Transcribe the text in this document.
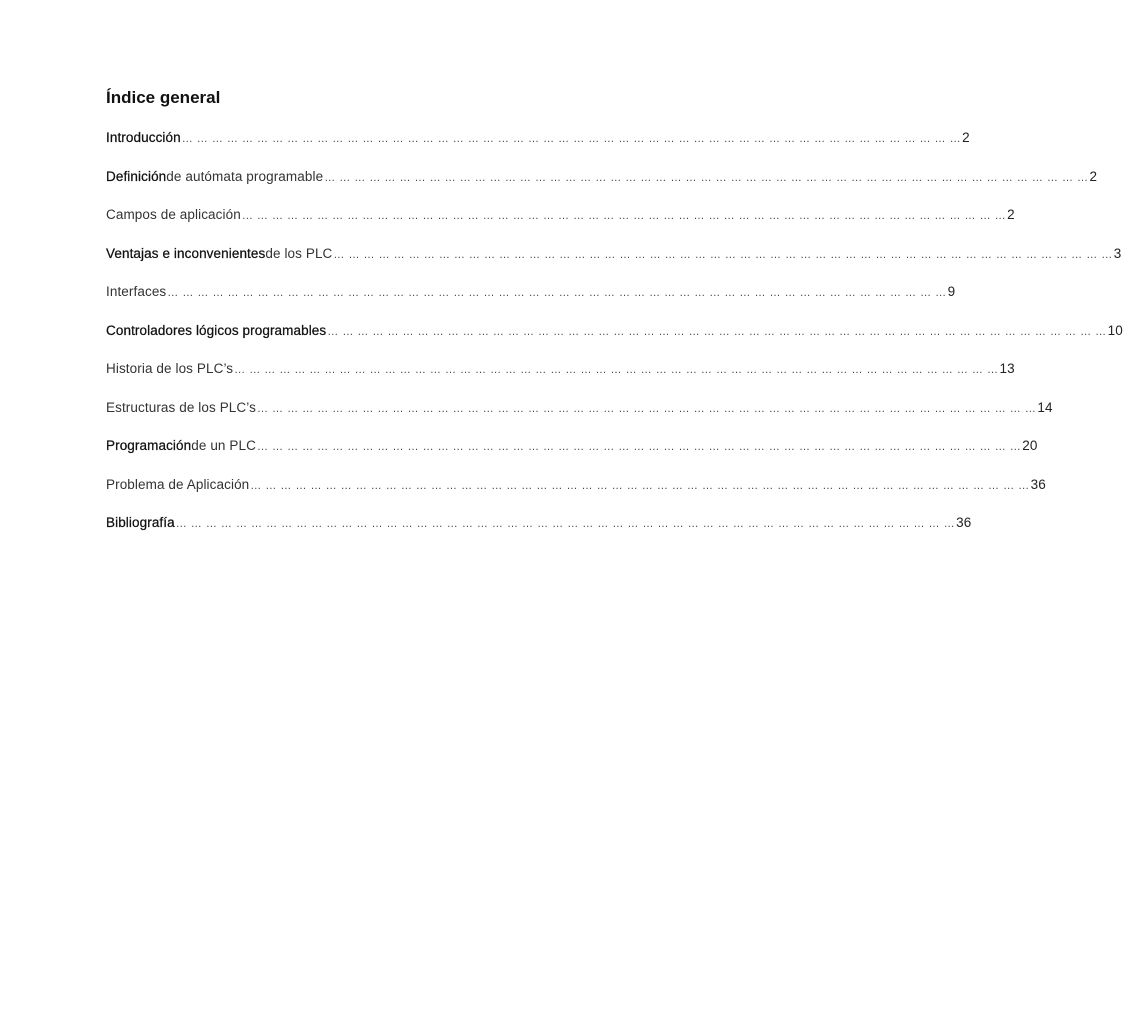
Índice general
Introducción … … … … … … … … … … … … … … … … … … … … … … … … … … … … … … … … … … … … … … … … … … … … … … … … … … … … 2
Definición de autómata programable … … … … … … … … … … … … … … … … … … … … … … … … … … … … … … … … … … … … … … … … … … … … … … … … … … … 2
Campos de aplicación … … … … … … … … … … … … … … … … … … … … … … … … … … … … … … … … … … … … … … … … … … … … … … … … … … … 2
Ventajas e inconvenientes de los PLC … … … … … … … … … … … … … … … … … … … … … … … … … … … … … … … … … … … … … … … … … … … … … … … … … … … … 3
Interfaces … … … … … … … … … … … … … … … … … … … … … … … … … … … … … … … … … … … … … … … … … … … … … … … … … … … … 9
Controladores lógicos programables … … … … … … … … … … … … … … … … … … … … … … … … … … … … … … … … … … … … … … … … … … … … … … … … … … … … 10
Historia de los PLC’s … … … … … … … … … … … … … … … … … … … … … … … … … … … … … … … … … … … … … … … … … … … … … … … … … … … 13
Estructuras de los PLC’s … … … … … … … … … … … … … … … … … … … … … … … … … … … … … … … … … … … … … … … … … … … … … … … … … … … … 14
Programación de un PLC … … … … … … … … … … … … … … … … … … … … … … … … … … … … … … … … … … … … … … … … … … … … … … … … … … … 20
Problema de Aplicación … … … … … … … … … … … … … … … … … … … … … … … … … … … … … … … … … … … … … … … … … … … … … … … … … … … … 36
Bibliografía … … … … … … … … … … … … … … … … … … … … … … … … … … … … … … … … … … … … … … … … … … … … … … … … … … … … 36
